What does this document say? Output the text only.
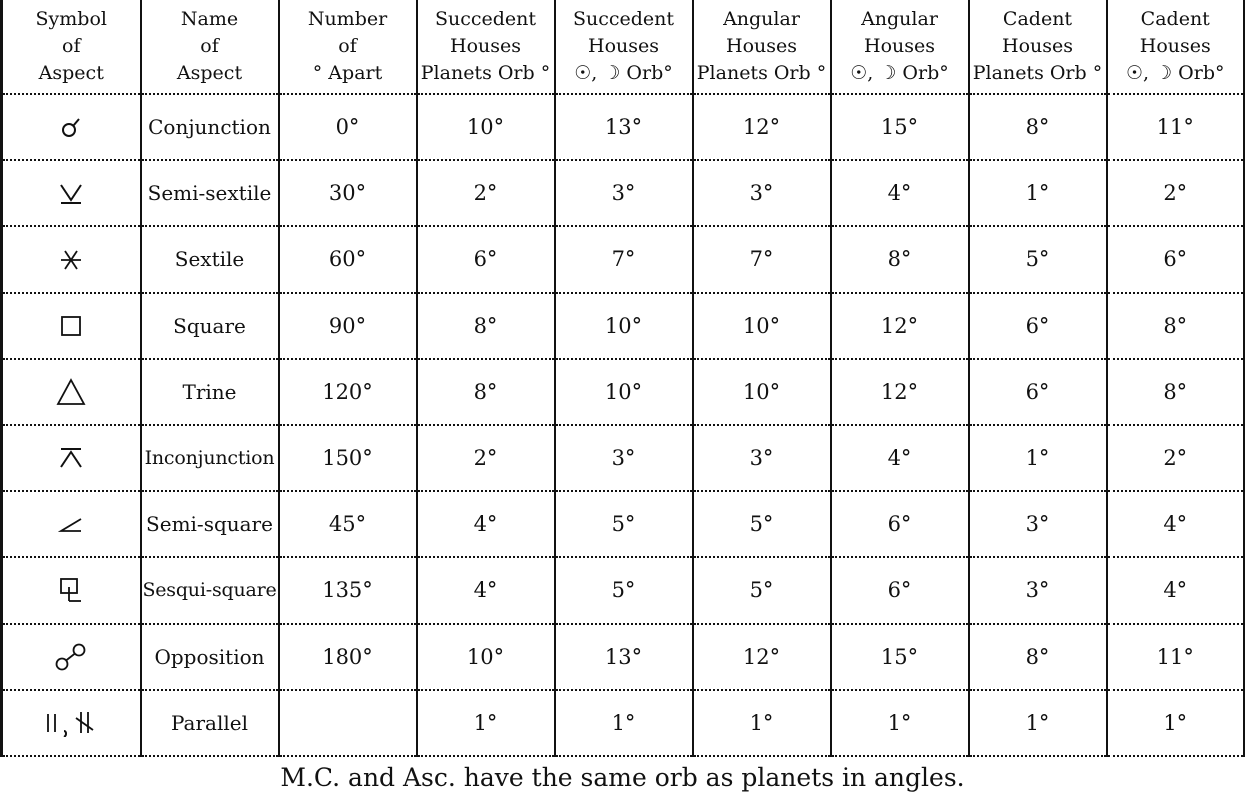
Symbol
of
Aspect	Name
of
Aspect	Number
of
° Apart	Succedent
Houses
Planets Orb °	Succedent
Houses
☉, ☽ Orb°	Angular
Houses
Planets Orb °	Angular
Houses
☉, ☽ Orb°	Cadent
Houses
Planets Orb °	Cadent
Houses
☉, ☽ Orb°

	Conjunction	0°	10°	13°	12°	15°	8°	11°

	Semi-sextile	30°	2°	3°	3°	4°	1°	2°

	Sextile	60°	6°	7°	7°	8°	5°	6°

	Square	90°	8°	10°	10°	12°	6°	8°

	Trine	120°	8°	10°	10°	12°	6°	8°

	Inconjunction	150°	2°	3°	3°	4°	1°	2°

	Semi-square	45°	4°	5°	5°	6°	3°	4°

	Sesqui-square	135°	4°	5°	5°	6°	3°	4°

	Opposition	180°	10°	13°	12°	15°	8°	11°

	Parallel		1°	1°	1°	1°	1°	1°
M.C. and Asc. have the same orb as planets in angles.
